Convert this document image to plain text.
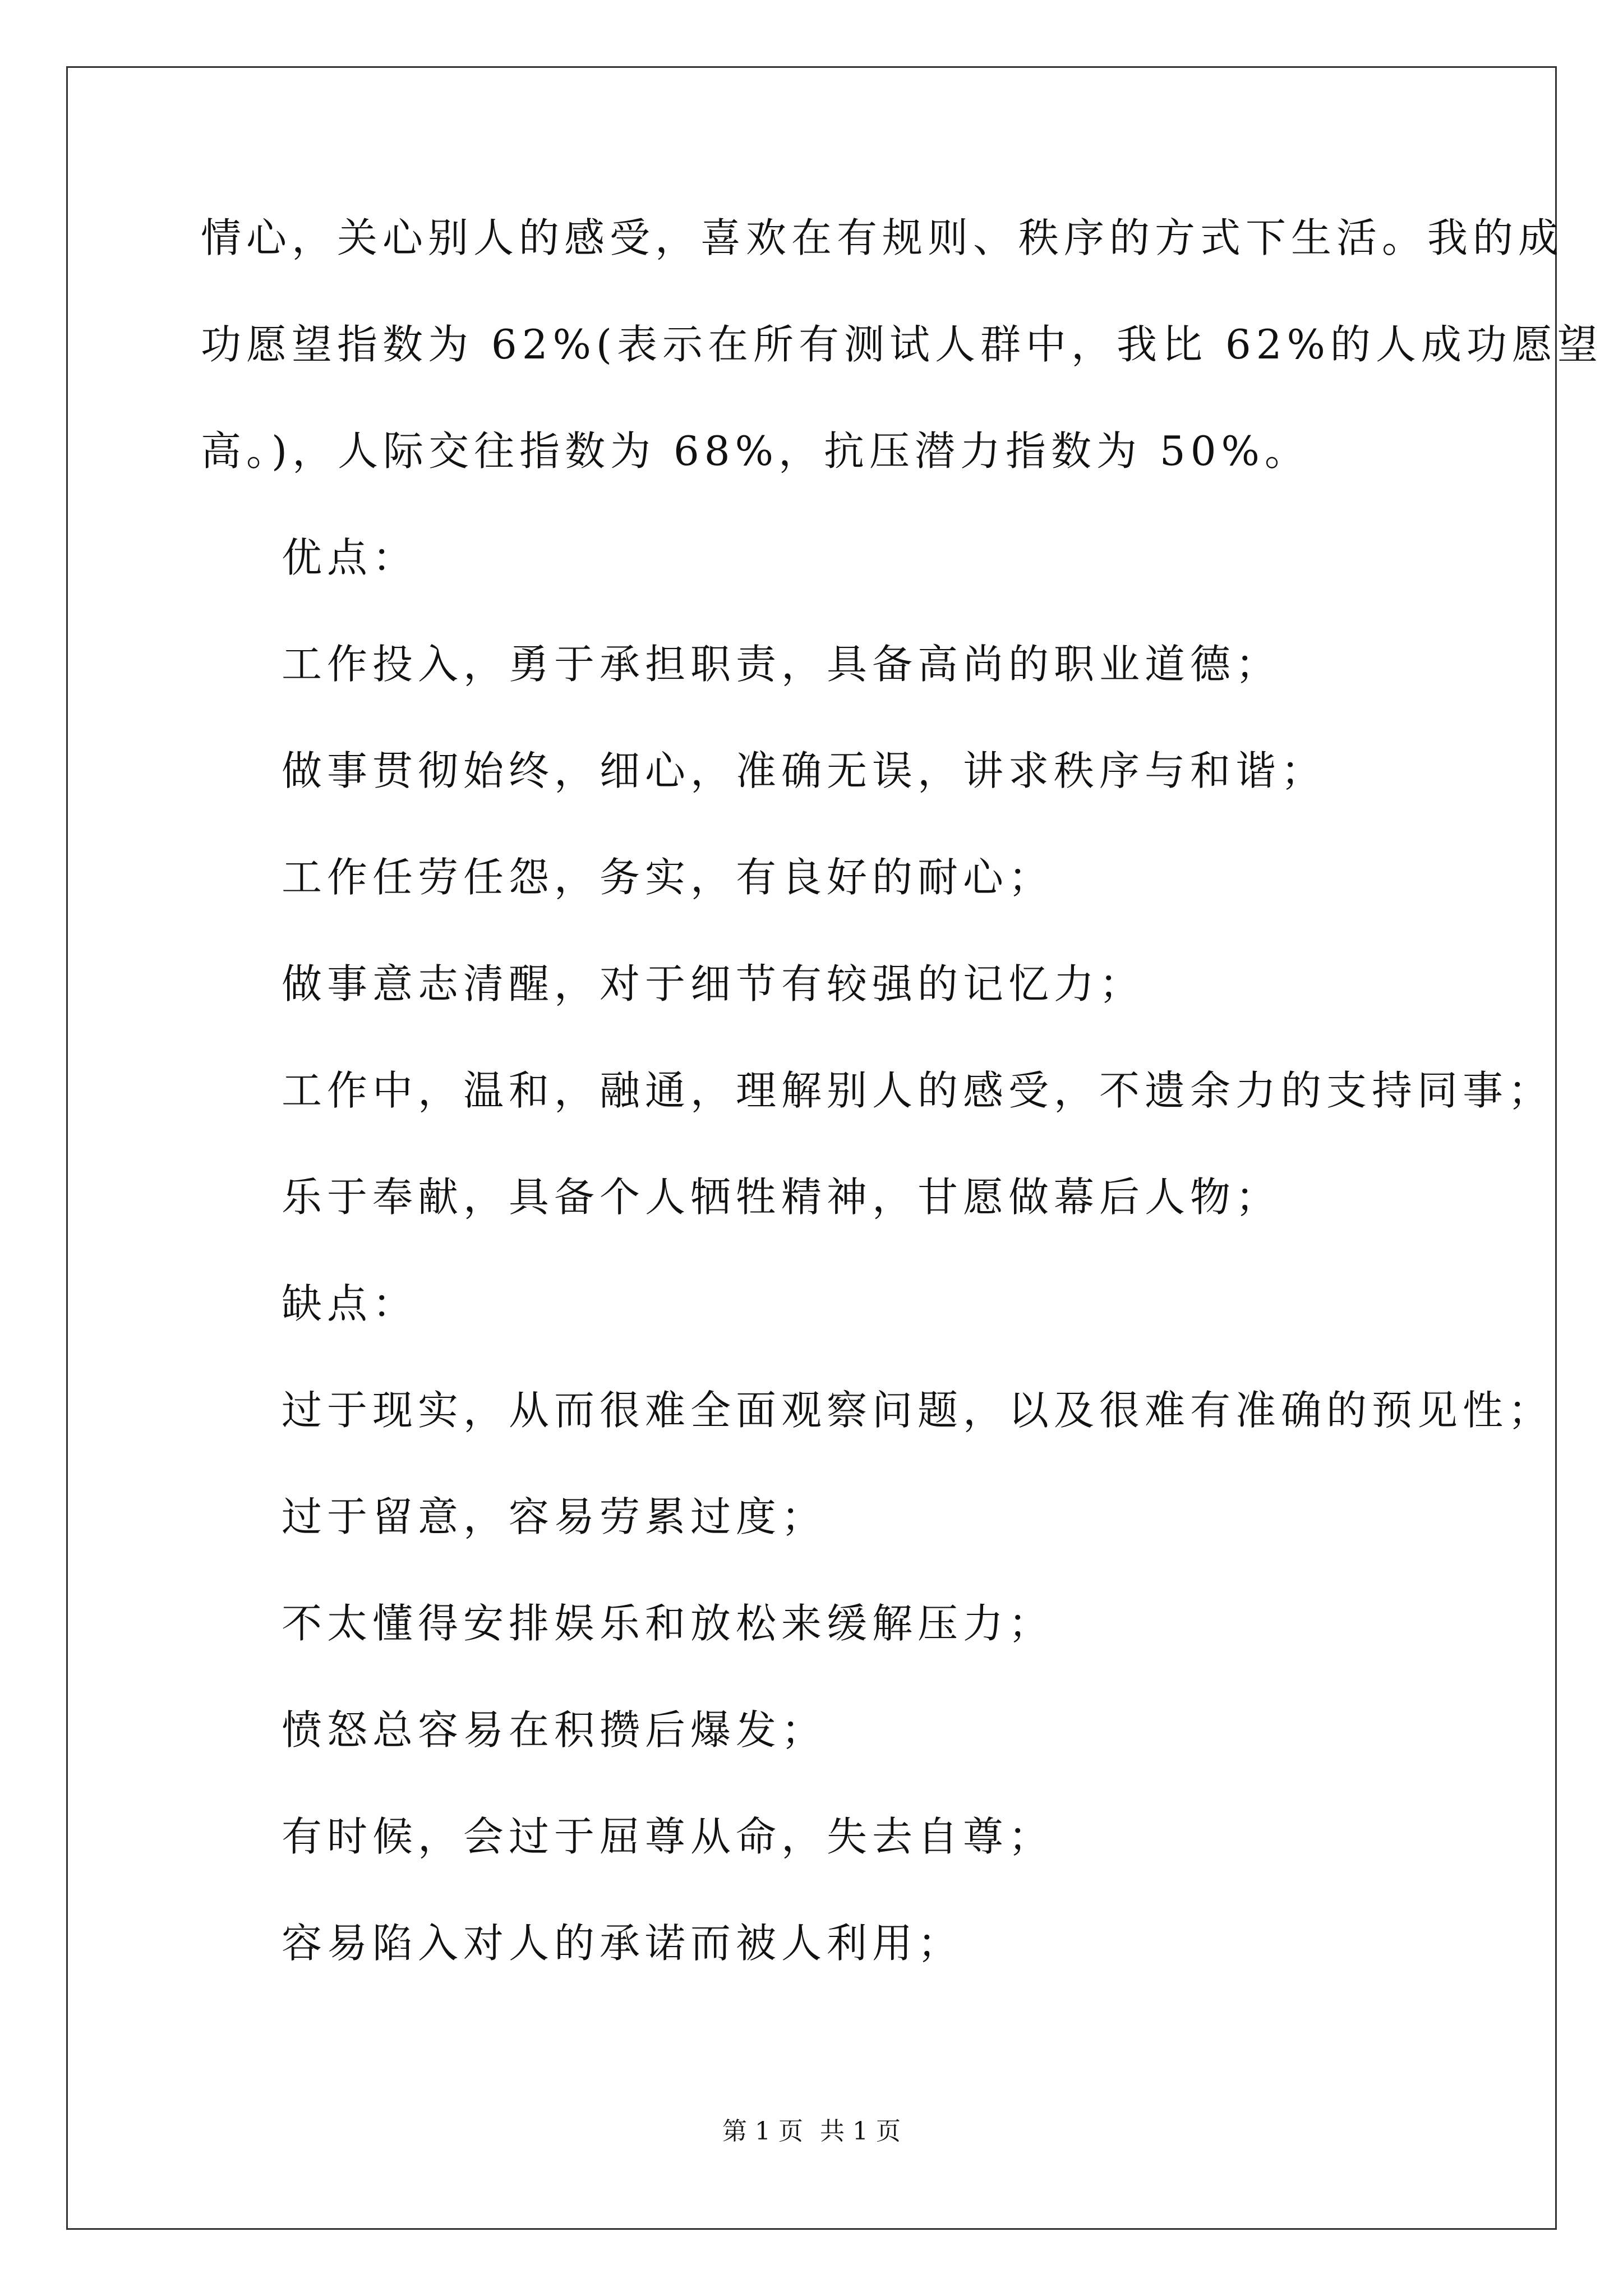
情心，关心别人的感受，喜欢在有规则、秩序的方式下生活。我的成
功愿望指数为 62%(表示在所有测试人群中，我比 62%的人成功愿望
高。)，人际交往指数为 68%，抗压潜力指数为 50%。
优点：
工作投入，勇于承担职责，具备高尚的职业道德；
做事贯彻始终，细心，准确无误，讲求秩序与和谐；
工作任劳任怨，务实，有良好的耐心；
做事意志清醒，对于细节有较强的记忆力；
工作中，温和，融通，理解别人的感受，不遗余力的支持同事；
乐于奉献，具备个人牺牲精神，甘愿做幕后人物；
缺点：
过于现实，从而很难全面观察问题，以及很难有准确的预见性；
过于留意，容易劳累过度；
不太懂得安排娱乐和放松来缓解压力；
愤怒总容易在积攒后爆发；
有时候，会过于屈尊从命，失去自尊；
容易陷入对人的承诺而被人利用；
第 1 页 共 1 页
